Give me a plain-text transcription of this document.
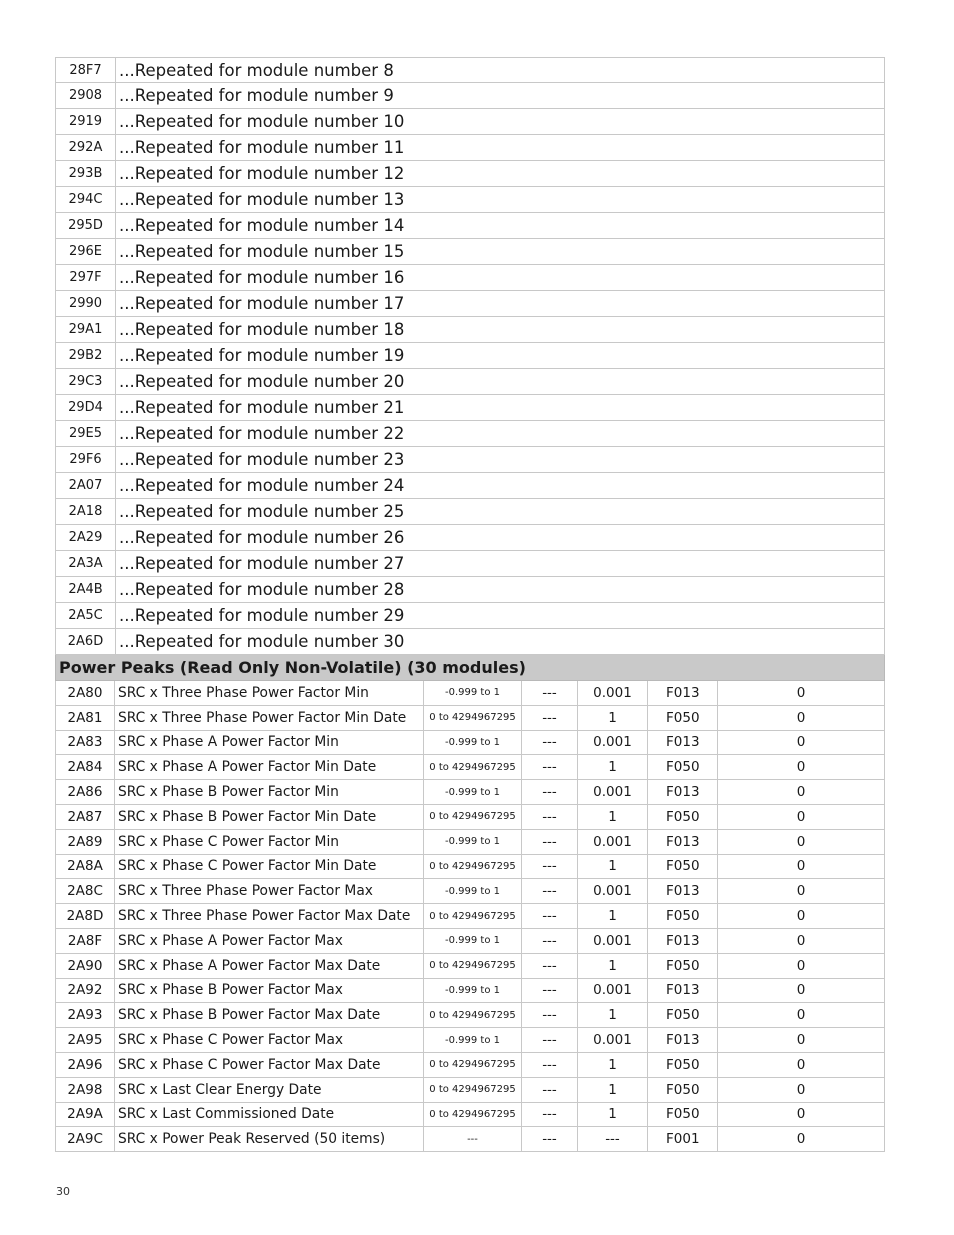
28F7	...Repeated for module number 8
2908	...Repeated for module number 9
2919	...Repeated for module number 10
292A	...Repeated for module number 11
293B	...Repeated for module number 12
294C	...Repeated for module number 13
295D ...Repeated for module number 14
296E	...Repeated for module number 15
297F	...Repeated for module number 16
2990	...Repeated for module number 17
29A1	...Repeated for module number 18
29B2	...Repeated for module number 19
29C3	...Repeated for module number 20
29D4 ...Repeated for module number 21
29E5	...Repeated for module number 22
29F6	...Repeated for module number 23
2A07	...Repeated for module number 24
2A18	...Repeated for module number 25
2A29	...Repeated for module number 26
2A3A ...Repeated for module number 27
2A4B ...Repeated for module number 28
2A5C ...Repeated for module number 29
2A6D ...Repeated for module number 30
Power Peaks (Read Only Non-Volatile) (30 modules)
2A80	SRC x Three Phase Power Factor Min	-0.999 to 1	---	0.001	F013	0
2A81	SRC x Three Phase Power Factor Min Date	0 to 4294967295	---	1	F050	0
2A83	SRC x Phase A Power Factor Min	-0.999 to 1	---	0.001	F013	0
2A84	SRC x Phase A Power Factor Min Date	0 to 4294967295	---	1	F050	0
2A86	SRC x Phase B Power Factor Min	-0.999 to 1	---	0.001	F013	0
2A87	SRC x Phase B Power Factor Min Date	0 to 4294967295	---	1	F050	0
2A89	SRC x Phase C Power Factor Min	-0.999 to 1	---	0.001	F013	0
2A8A	SRC x Phase C Power Factor Min Date	0 to 4294967295	---	1	F050	0
2A8C	SRC x Three Phase Power Factor Max	-0.999 to 1	---	0.001	F013	0
2A8D	SRC x Three Phase Power Factor Max Date	0 to 4294967295	---	1	F050	0
2A8F	SRC x Phase A Power Factor Max	-0.999 to 1	---	0.001	F013	0
2A90	SRC x Phase A Power Factor Max Date	0 to 4294967295	---	1	F050	0
2A92	SRC x Phase B Power Factor Max	-0.999 to 1	---	0.001	F013	0
2A93	SRC x Phase B Power Factor Max Date	0 to 4294967295	---	1	F050	0
2A95	SRC x Phase C Power Factor Max	-0.999 to 1	---	0.001	F013	0
2A96	SRC x Phase C Power Factor Max Date	0 to 4294967295	---	1	F050	0
2A98	SRC x Last Clear Energy Date	0 to 4294967295	---	1	F050	0
2A9A	SRC x Last Commissioned Date	0 to 4294967295	---	1	F050	0
2A9C	SRC x Power Peak Reserved (50 items)	---	---	---	F001	0
30
